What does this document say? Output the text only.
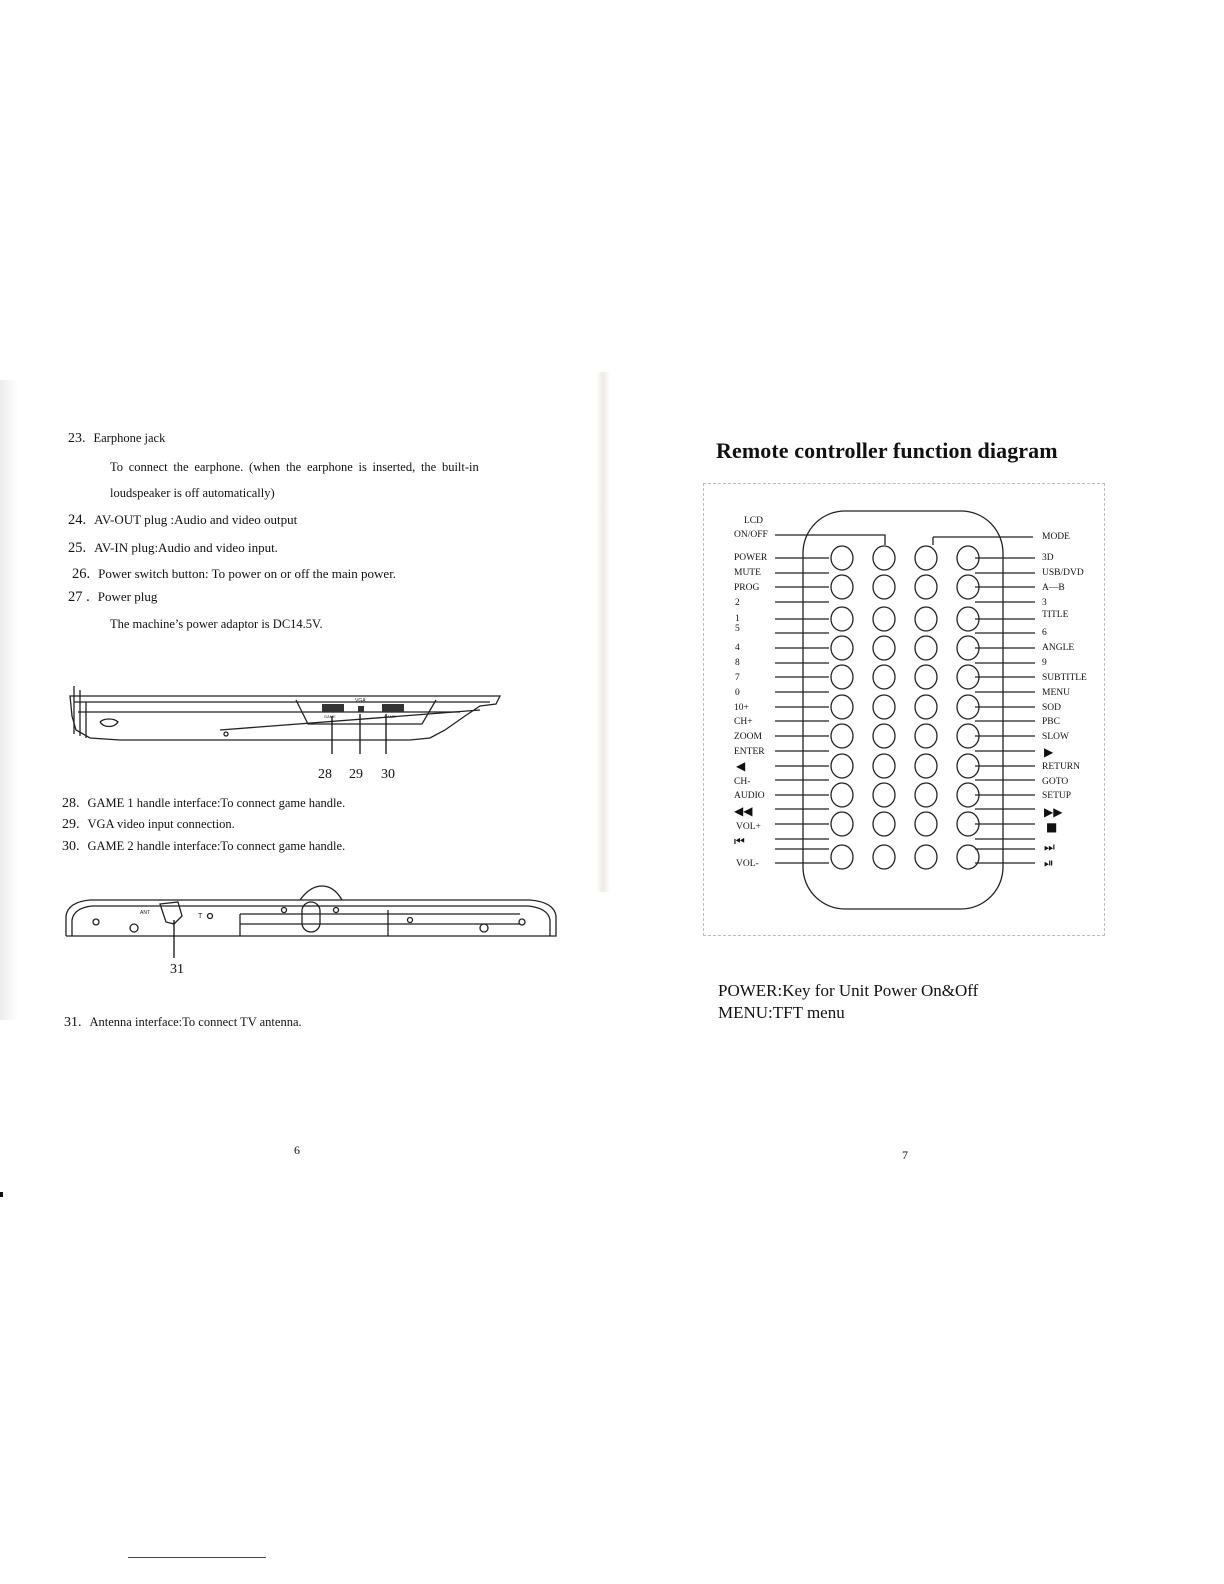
23. Earphone jack
To connect the earphone. (when the earphone is inserted, the built-in
loudspeaker is off automatically)
24. AV-OUT plug :Audio and video output
25. AV-IN plug:Audio and video input.
26. Power switch button: To power on or off the main power.
27 . Power plug
The machine’s power adaptor is DC14.5V.
VGA
GAME	GAME
28 29 30
28. GAME 1 handle interface:To connect game handle.
29. VGA video input connection.
30. GAME 2 handle interface:To connect game handle.
ANT	T
31
31. Antenna interface:To connect TV antenna.
6
Remote controller function diagram
LCD
ON/OFF
POWER
MUTE
PROG
2
1
5
4
8
7
0
10+
CH+
ZOOM
ENTER
◀
CH-
AUDIO
◀◀
VOL+
⏮
VOL-
MODE
3D
USB/DVD
A—B
3
TITLE
6
ANGLE
9
SUBTITLE
MENU
SOD
PBC
SLOW
▶
RETURN
GOTO
SETUP
▶▶
■
⏭
⏯
POWER:Key for Unit Power On&Off
MENU:TFT menu
7
